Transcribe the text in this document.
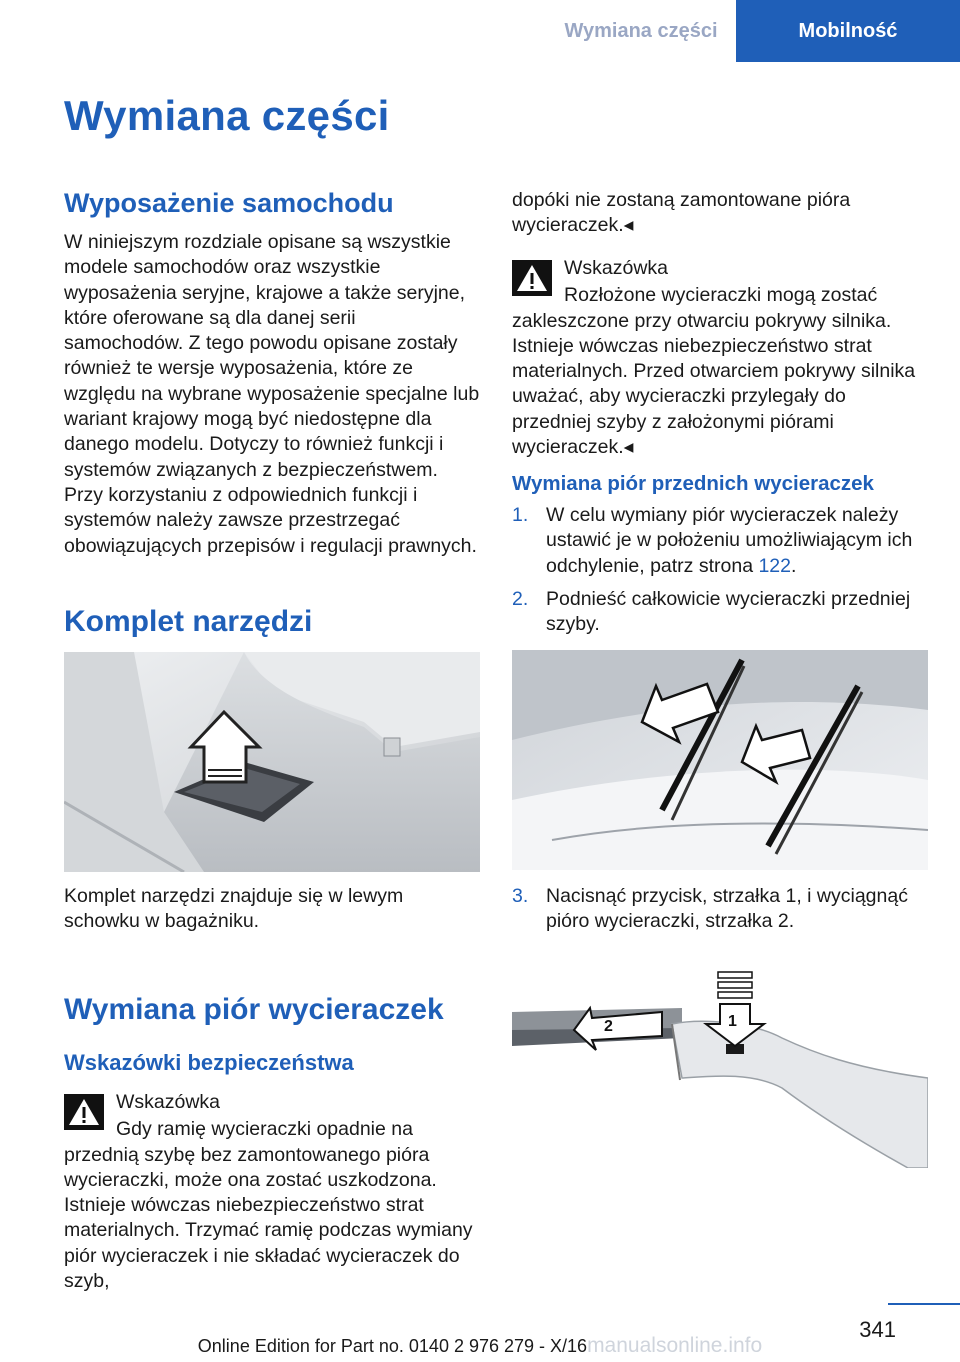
Wymiana części	Mobilność
Wymiana części
Wyposażenie samochodu

W niniejszym rozdziale opisane są wszystkie modele samochodów oraz wszystkie wyposażenia seryjne, krajowe a także seryjne, które oferowane są dla danej serii samochodów. Z tego powodu opisane zostały również te wersje wyposażenia, które ze względu na wybrane wyposażenie specjalne lub wariant krajowy mogą być niedostępne dla danego modelu. Dotyczy to również funkcji i systemów związanych z bezpieczeństwem. Przy korzystaniu z odpowiednich funkcji i systemów należy zawsze przestrzegać obowiązujących przepisów i regulacji prawnych.

Komplet narzędzi

Komplet narzędzi znajduje się w lewym schowku w bagażniku.

Wymiana piór wycieraczek
Wskazówki bezpieczeństwa
Wskazówka
Gdy ramię wycieraczki opadnie na przednią szybę bez zamontowanego pióra wycieraczki, może ona zostać uszkodzona. Istnieje wówczas niebezpieczeństwo strat materialnych. Trzymać ramię podczas wymiany piór wycieraczek i nie składać wycieraczek do szyb,

dopóki nie zostaną zamontowane pióra wycieraczek.◂

Wskazówka
Rozłożone wycieraczki mogą zostać zakleszczone przy otwarciu pokrywy silnika. Istnieje wówczas niebezpieczeństwo strat materialnych. Przed otwarciem pokrywy silnika uważać, aby wycieraczki przylegały do przedniej szyby z założonymi piórami wycieraczek.◂
Wymiana piór przednich wycieraczek
1. W celu wymiany piór wycieraczek należy ustawić je w położeniu umożliwiającym ich odchylenie, patrz strona 122.
2. Podnieść całkowicie wycieraczki przedniej szyby.
3. Nacisnąć przycisk, strzałka 1, i wyciągnąć pióro wycieraczki, strzałka 2.
2	1
341
Online Edition for Part no. 0140 2 976 279 - X/16manualsonline.info
